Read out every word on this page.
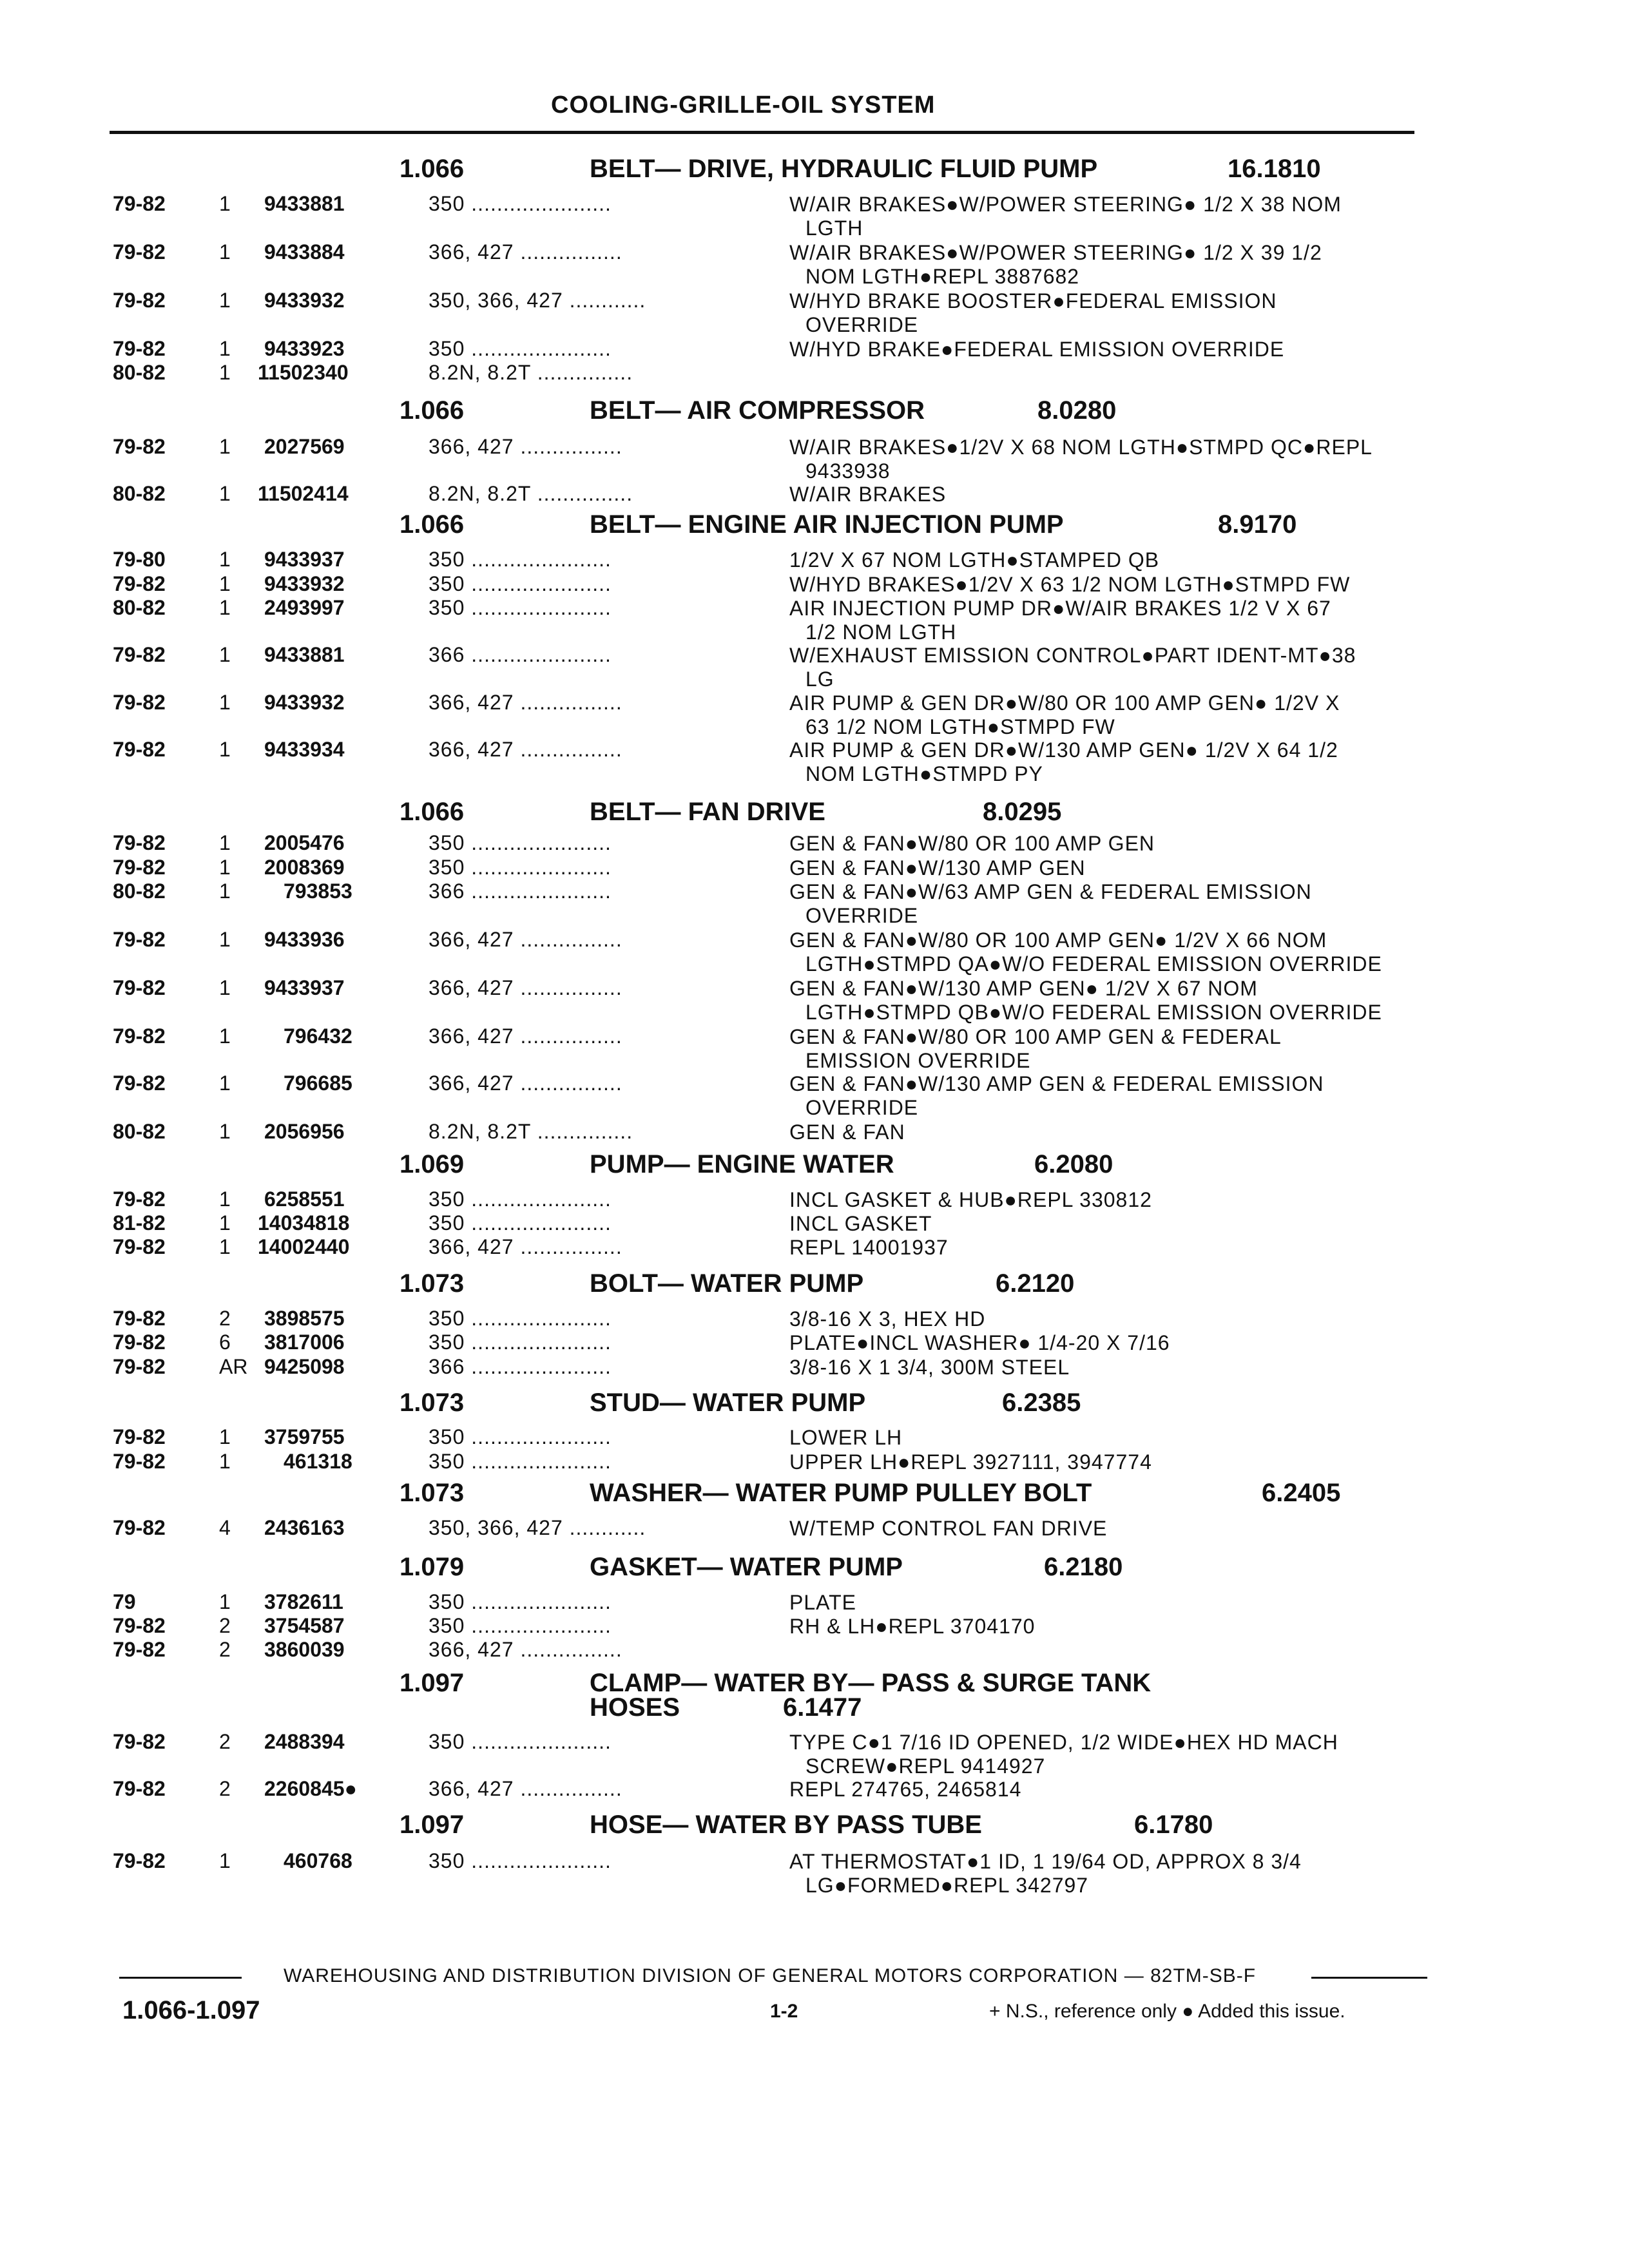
COOLING-GRILLE-OIL SYSTEM
1.066	BELT— DRIVE, HYDRAULIC FLUID PUMP	16.1810
79-82	1 9433881	350 ......................	W/AIR BRAKES●W/POWER STEERING● 1/2 X 38 NOM
LGTH
79-82	1 9433884	366, 427 ................	W/AIR BRAKES●W/POWER STEERING● 1/2 X 39 1/2
NOM LGTH●REPL 3887682
79-82	1 9433932	350, 366, 427 ............	W/HYD BRAKE BOOSTER●FEDERAL EMISSION
OVERRIDE
79-82	1 9433923	350 ......................	W/HYD BRAKE●FEDERAL EMISSION OVERRIDE
80-82	1 11502340	8.2N, 8.2T ...............
1.066	BELT— AIR COMPRESSOR	8.0280
79-82	1 2027569	366, 427 ................	W/AIR BRAKES●1/2V X 68 NOM LGTH●STMPD QC●REPL
9433938
80-82	1 11502414	8.2N, 8.2T ...............	W/AIR BRAKES
1.066	BELT— ENGINE AIR INJECTION PUMP	8.9170
79-80	1 9433937	350 ......................	1/2V X 67 NOM LGTH●STAMPED QB
79-82	1 9433932	350 ......................	W/HYD BRAKES●1/2V X 63 1/2 NOM LGTH●STMPD FW
80-82	1 2493997	350 ......................	AIR INJECTION PUMP DR●W/AIR BRAKES 1/2 V X 67
1/2 NOM LGTH
79-82	1 9433881	366 ......................	W/EXHAUST EMISSION CONTROL●PART IDENT-MT●38
LG
79-82	1 9433932	366, 427 ................	AIR PUMP & GEN DR●W/80 OR 100 AMP GEN● 1/2V X
63 1/2 NOM LGTH●STMPD FW
79-82	1 9433934	366, 427 ................	AIR PUMP & GEN DR●W/130 AMP GEN● 1/2V X 64 1/2
NOM LGTH●STMPD PY
1.066	BELT— FAN DRIVE	8.0295
79-82	1 2005476	350 ......................	GEN & FAN●W/80 OR 100 AMP GEN
79-82	1 2008369	350 ......................	GEN & FAN●W/130 AMP GEN
80-82	1	793853	366 ......................	GEN & FAN●W/63 AMP GEN & FEDERAL EMISSION
OVERRIDE
79-82	1 9433936	366, 427 ................	GEN & FAN●W/80 OR 100 AMP GEN● 1/2V X 66 NOM
LGTH●STMPD QA●W/O FEDERAL EMISSION OVERRIDE
79-82	1 9433937	366, 427 ................	GEN & FAN●W/130 AMP GEN● 1/2V X 67 NOM
LGTH●STMPD QB●W/O FEDERAL EMISSION OVERRIDE
79-82	1	796432	366, 427 ................	GEN & FAN●W/80 OR 100 AMP GEN & FEDERAL
EMISSION OVERRIDE
79-82	1	796685	366, 427 ................	GEN & FAN●W/130 AMP GEN & FEDERAL EMISSION
OVERRIDE
80-82	1 2056956	8.2N, 8.2T ...............	GEN & FAN
1.069	PUMP— ENGINE WATER	6.2080
79-82	1 6258551	350 ......................	INCL GASKET & HUB●REPL 330812
81-82	1 14034818	350 ......................	INCL GASKET
79-82	1 14002440	366, 427 ................	REPL 14001937
1.073	BOLT— WATER PUMP	6.2120
79-82	2 3898575	350 ......................	3/8-16 X 3, HEX HD
79-82	6 3817006	350 ......................	PLATE●INCL WASHER● 1/4-20 X 7/16
79-82	AR 9425098	366 ......................	3/8-16 X 1 3/4, 300M STEEL
1.073	STUD— WATER PUMP	6.2385
79-82	1 3759755	350 ......................	LOWER LH
79-82	1	461318	350 ......................	UPPER LH●REPL 3927111, 3947774
1.073	WASHER— WATER PUMP PULLEY BOLT	6.2405
79-82	4 2436163	350, 366, 427 ............	W/TEMP CONTROL FAN DRIVE
1.079	GASKET— WATER PUMP	6.2180
79	1 3782611	350 ......................	PLATE
79-82	2 3754587	350 ......................	RH & LH●REPL 3704170
79-82	2 3860039	366, 427 ................
1.097	CLAMP— WATER BY— PASS & SURGE TANK
HOSES	6.1477
79-82	2 2488394	350 ......................	TYPE C●1 7/16 ID OPENED, 1/2 WIDE●HEX HD MACH
SCREW●REPL 9414927
79-82	2 2260845●	366, 427 ................	REPL 274765, 2465814
1.097	HOSE— WATER BY PASS TUBE	6.1780
79-82	1	460768	350 ......................	AT THERMOSTAT●1 ID, 1 19/64 OD, APPROX 8 3/4
LG●FORMED●REPL 342797
WAREHOUSING AND DISTRIBUTION DIVISION OF GENERAL MOTORS CORPORATION — 82TM-SB-F
1.066-1.097	1-2	+ N.S., reference only ● Added this issue.
